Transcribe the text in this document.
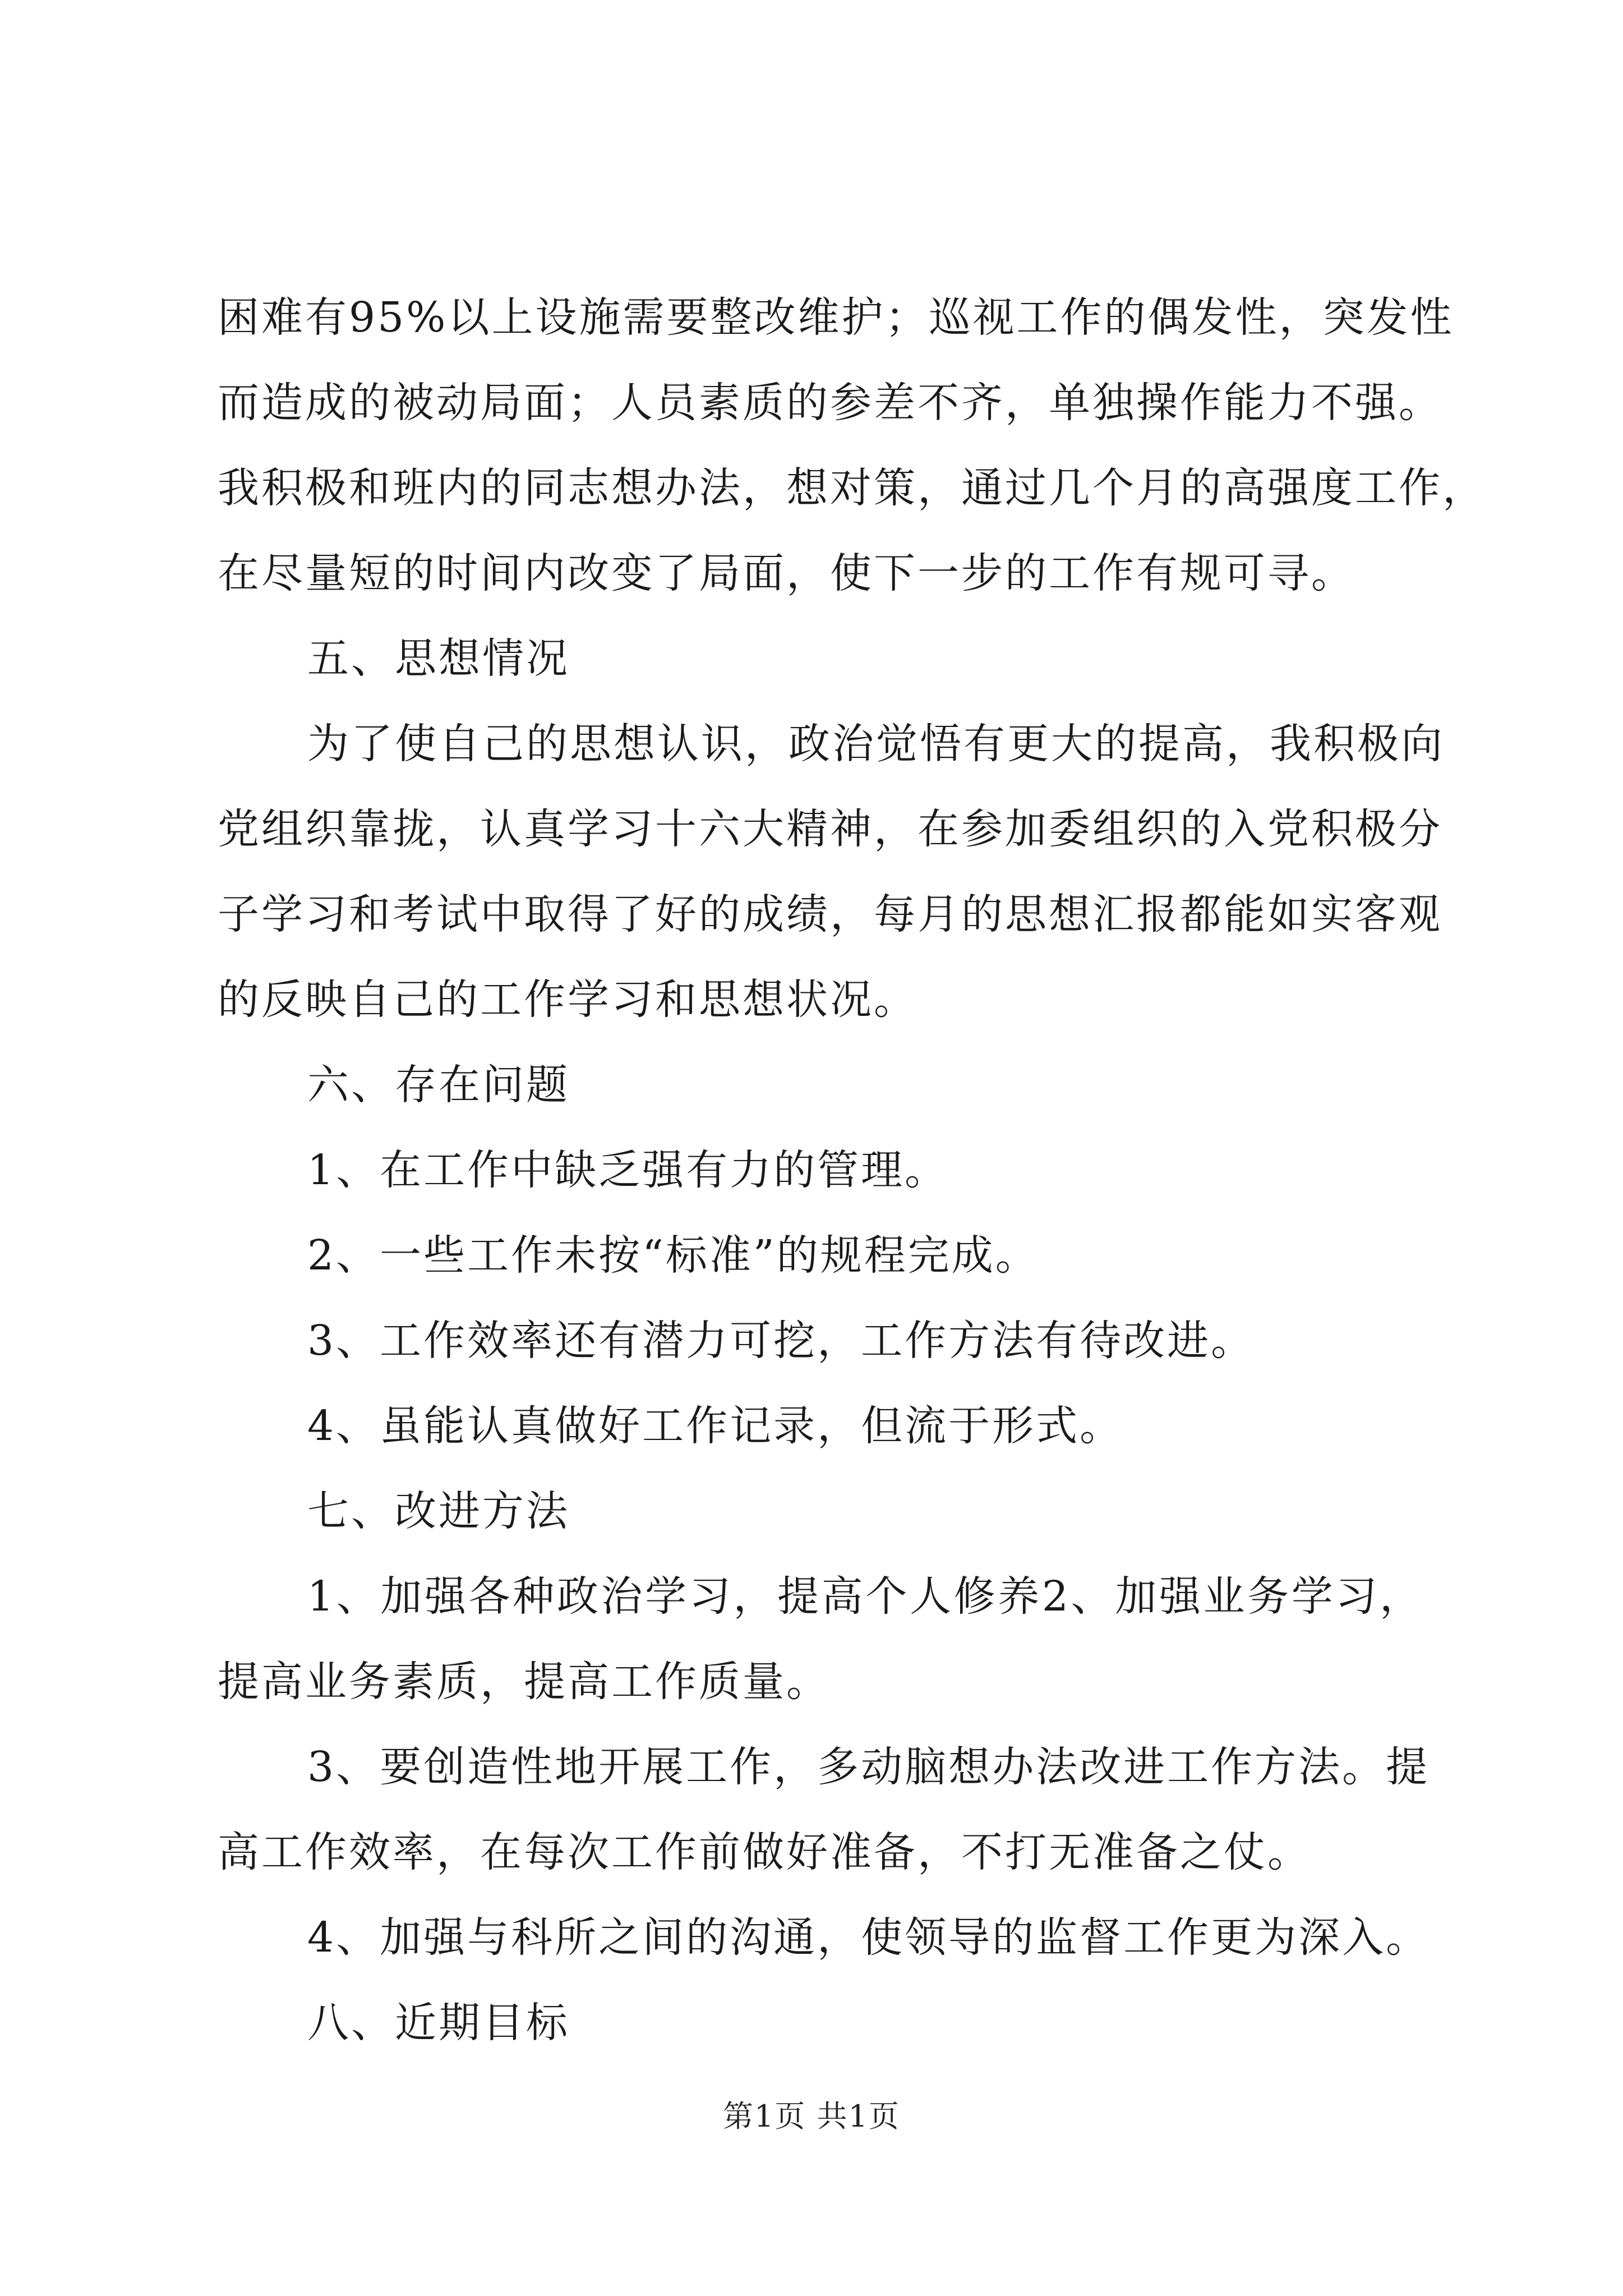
困难有95%以上设施需要整改维护；巡视工作的偶发性，突发性
而造成的被动局面；人员素质的参差不齐，单独操作能力不强。
我积极和班内的同志想办法，想对策，通过几个月的高强度工作，
在尽量短的时间内改变了局面，使下一步的工作有规可寻。
五、思想情况
为了使自己的思想认识，政治觉悟有更大的提高，我积极向
党组织靠拢，认真学习十六大精神，在参加委组织的入党积极分
子学习和考试中取得了好的成绩，每月的思想汇报都能如实客观
的反映自己的工作学习和思想状况。
六、存在问题
1、在工作中缺乏强有力的管理。
2、一些工作未按“标准”的规程完成。
3、工作效率还有潜力可挖，工作方法有待改进。
4、虽能认真做好工作记录，但流于形式。
七、改进方法
1、加强各种政治学习，提高个人修养2、加强业务学习，
提高业务素质，提高工作质量。
3、要创造性地开展工作，多动脑想办法改进工作方法。提
高工作效率，在每次工作前做好准备，不打无准备之仗。
4、加强与科所之间的沟通，使领导的监督工作更为深入。
八、近期目标
第1页 共1页
